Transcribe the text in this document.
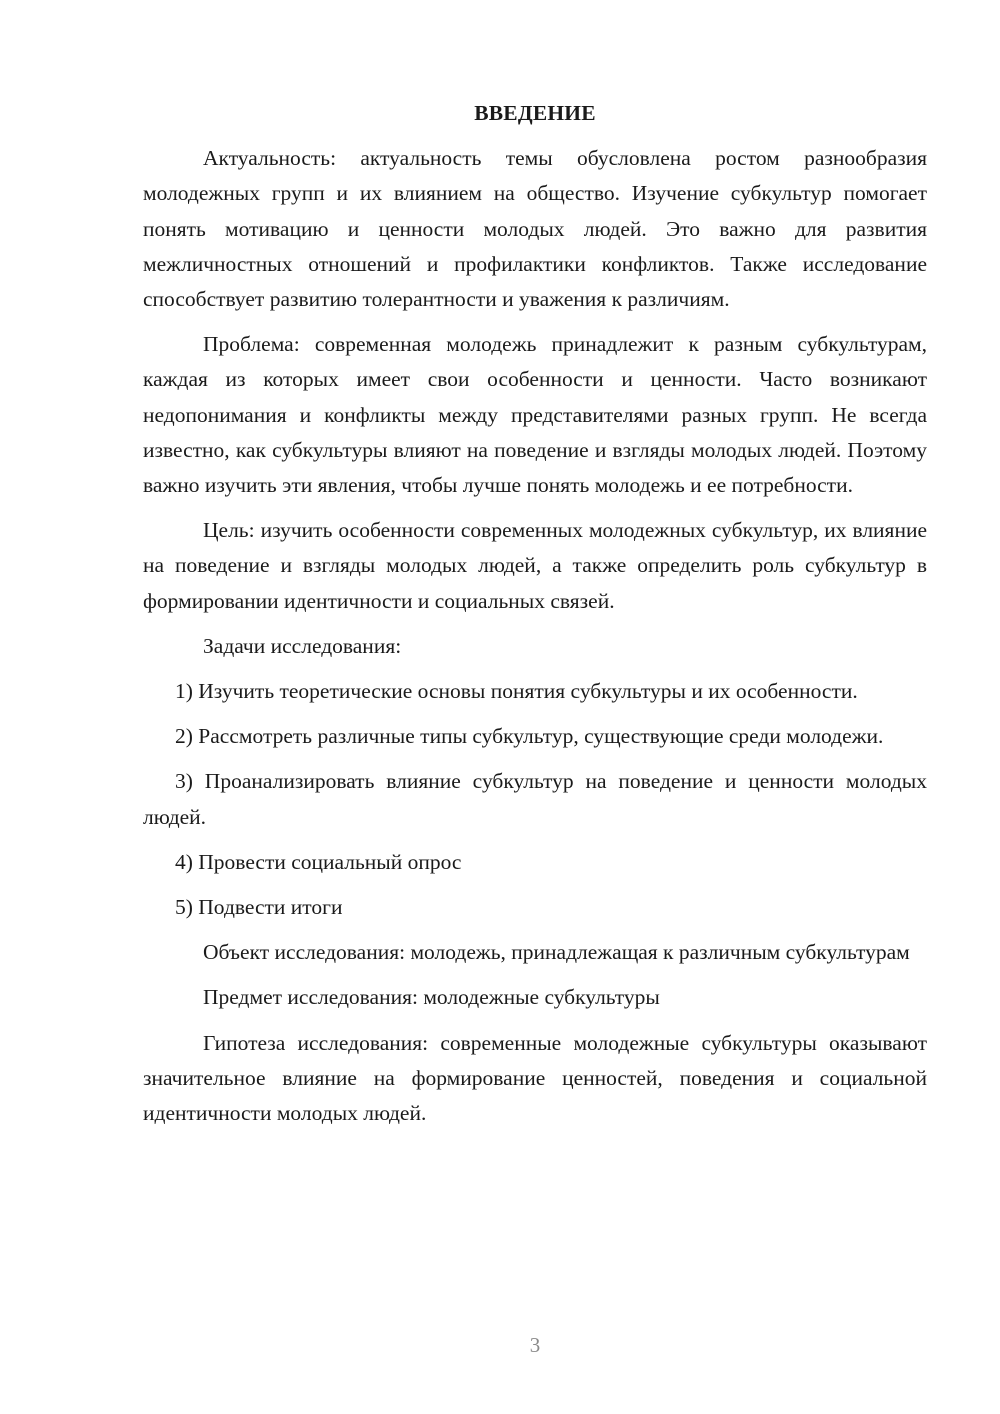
ВВЕДЕНИЕ

Актуальность: актуальность темы обусловлена ростом разнообразия молодежных групп и их влиянием на общество. Изучение субкультур помогает понять мотивацию и ценности молодых людей. Это важно для развития межличностных отношений и профилактики конфликтов. Также исследование способствует развитию толерантности и уважения к различиям.

Проблема: современная молодежь принадлежит к разным субкультурам, каждая из которых имеет свои особенности и ценности. Часто возникают недопонимания и конфликты между представителями разных групп. Не всегда известно, как субкультуры влияют на поведение и взгляды молодых людей. Поэтому важно изучить эти явления, чтобы лучше понять молодежь и ее потребности.

Цель: изучить особенности современных молодежных субкультур, их влияние на поведение и взгляды молодых людей, а также определить роль субкультур в формировании идентичности и социальных связей.

Задачи исследования:

1) Изучить теоретические основы понятия субкультуры и их особенности.

2) Рассмотреть различные типы субкультур, существующие среди молодежи.

3) Проанализировать влияние субкультур на поведение и ценности молодых людей.

4) Провести социальный опрос

5) Подвести итоги

Объект исследования: молодежь, принадлежащая к различным субкультурам

Предмет исследования: молодежные субкультуры

Гипотеза исследования: современные молодежные субкультуры оказывают значительное влияние на формирование ценностей, поведения и социальной идентичности молодых людей.

3
